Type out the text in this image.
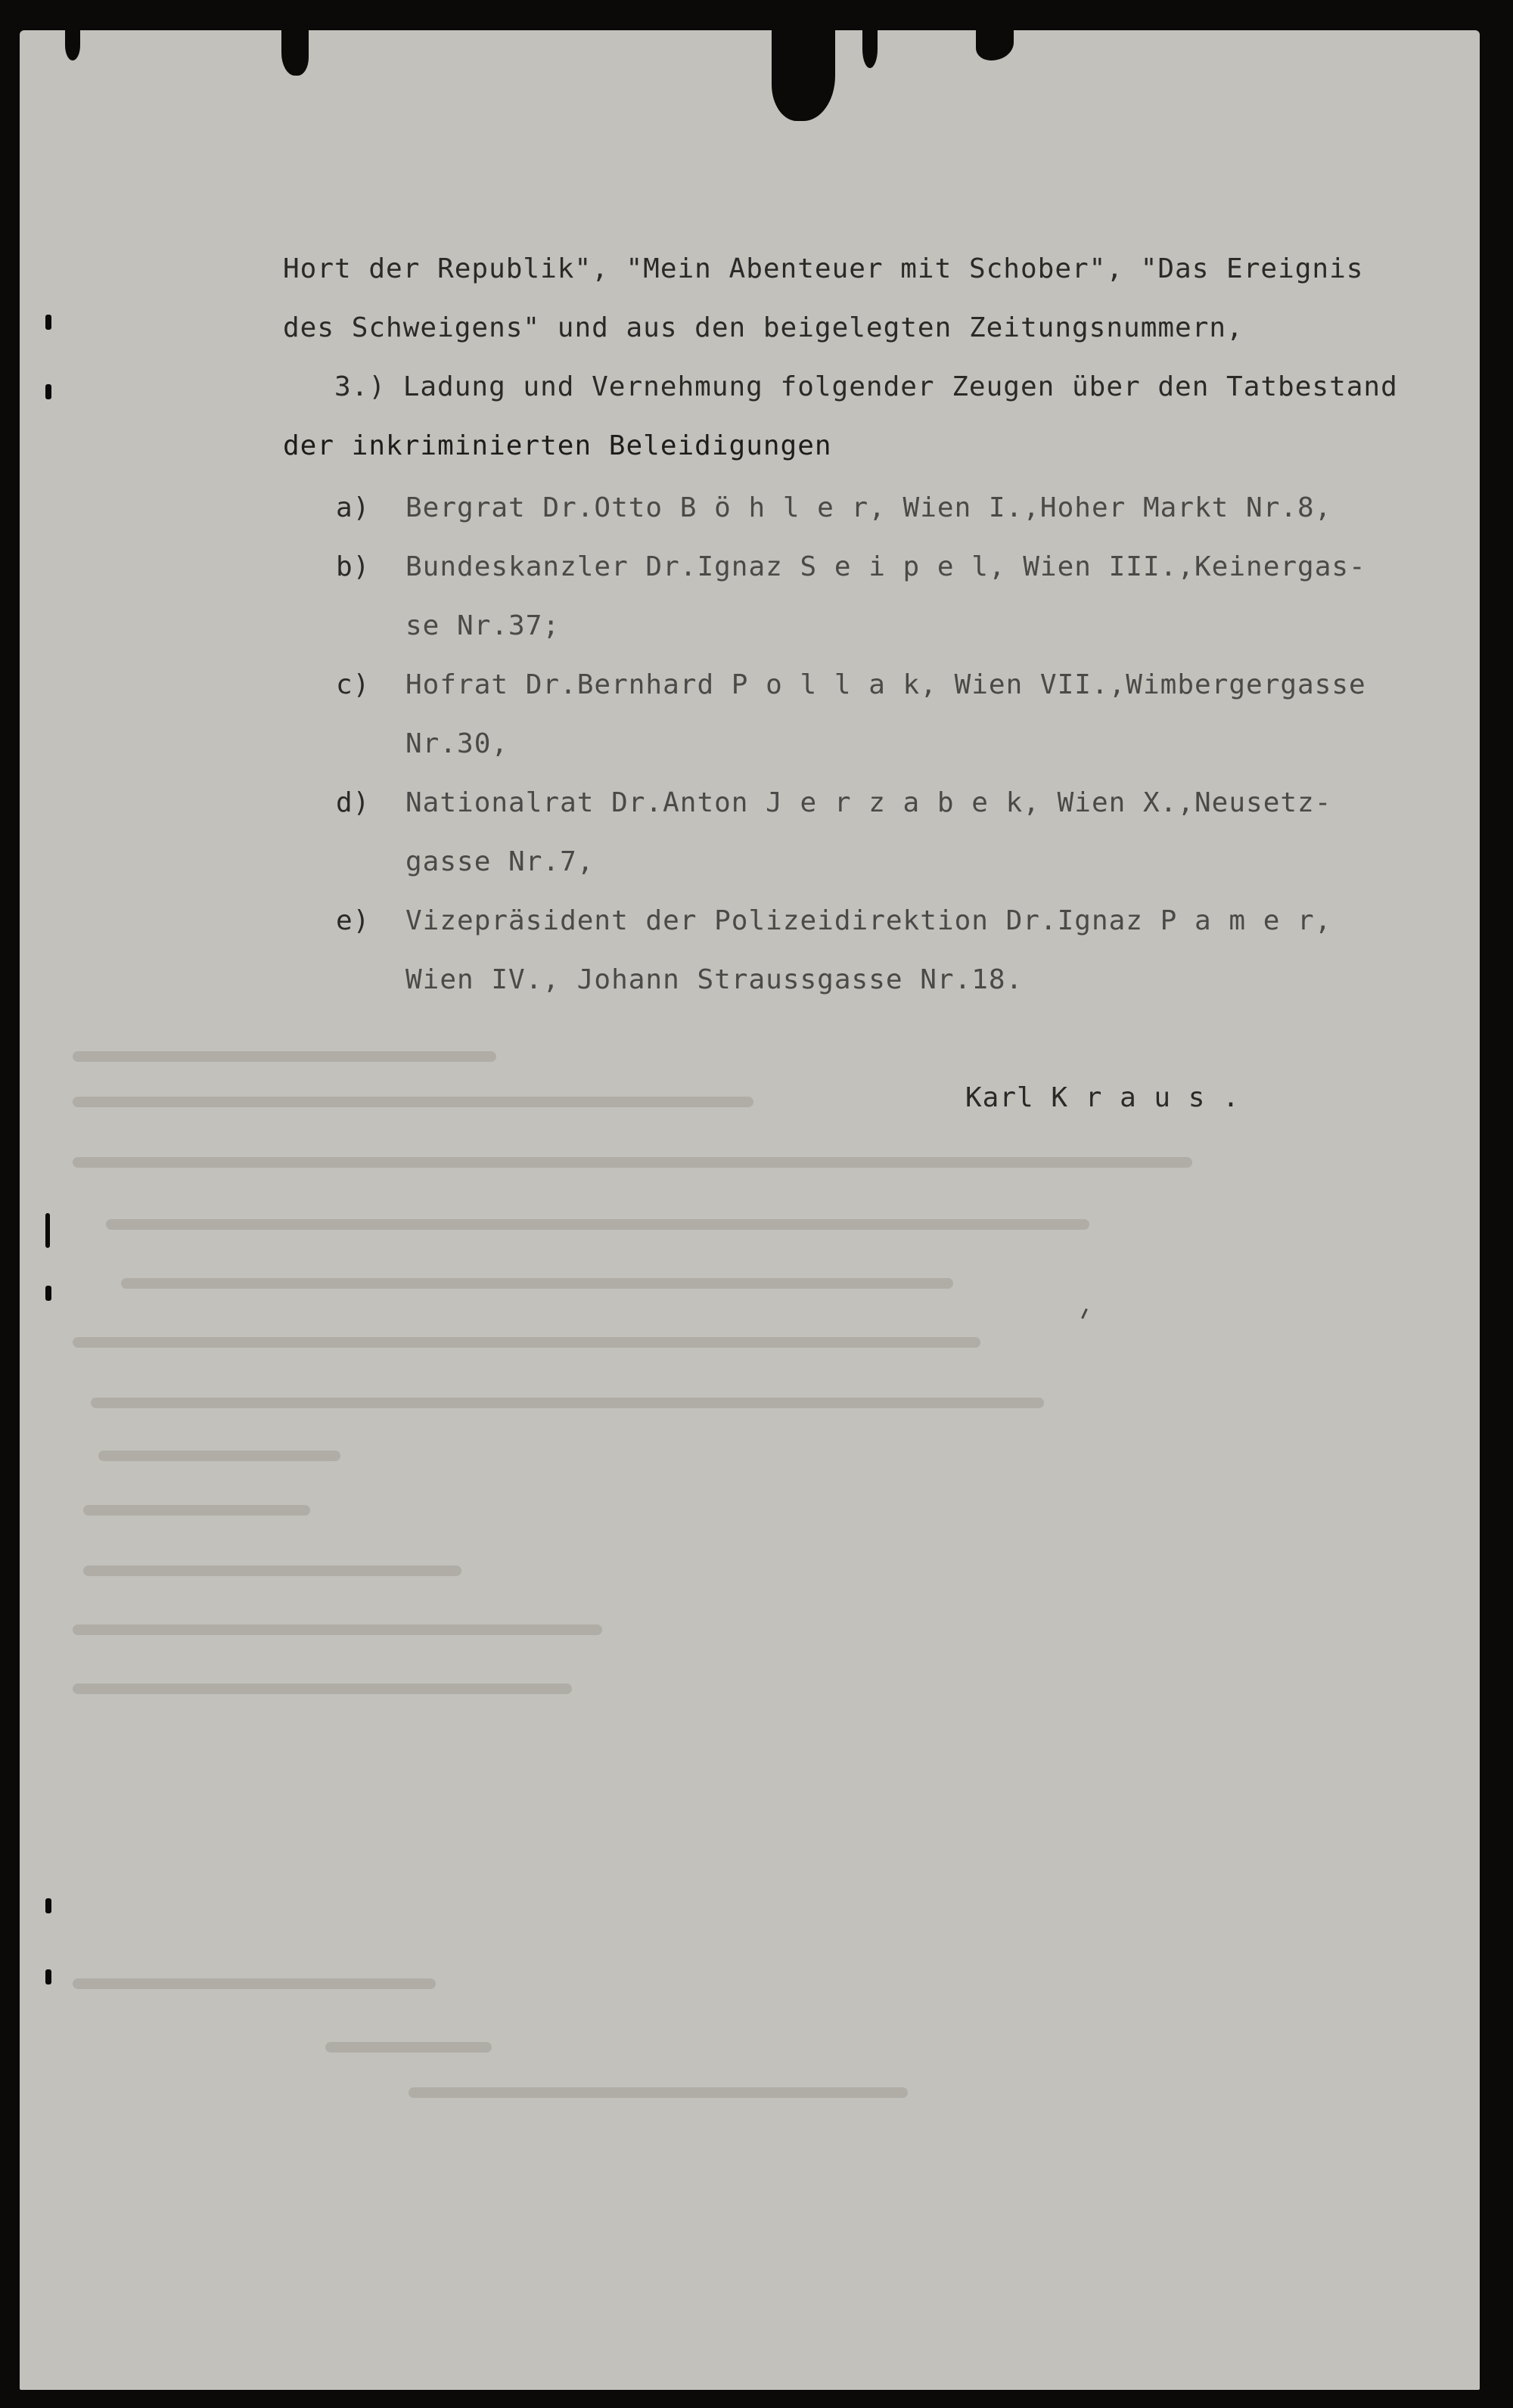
Hort der Republik", "Mein Abenteuer mit Schober", "Das Ereignis

des Schweigens" und aus den beigelegten Zeitungsnummern,

3.) Ladung und Vernehmung folgender Zeugen über den Tatbestand

der inkriminierten Beleidigungen

a) Bergrat Dr.Otto B ö h l e r, Wien I.,Hoher Markt Nr.8,

b) Bundeskanzler Dr.Ignaz S e i p e l, Wien III.,Keinergas-

se Nr.37;

c) Hofrat Dr.Bernhard P o l l a k, Wien VII.,Wimbergergasse

Nr.30,

d) Nationalrat Dr.Anton J e r z a b e k, Wien X.,Neusetz-

gasse Nr.7,

e) Vizepräsident der Polizeidirektion Dr.Ignaz P a m e r,

Wien IV., Johann Straussgasse Nr.18.

Karl K r a u s .
